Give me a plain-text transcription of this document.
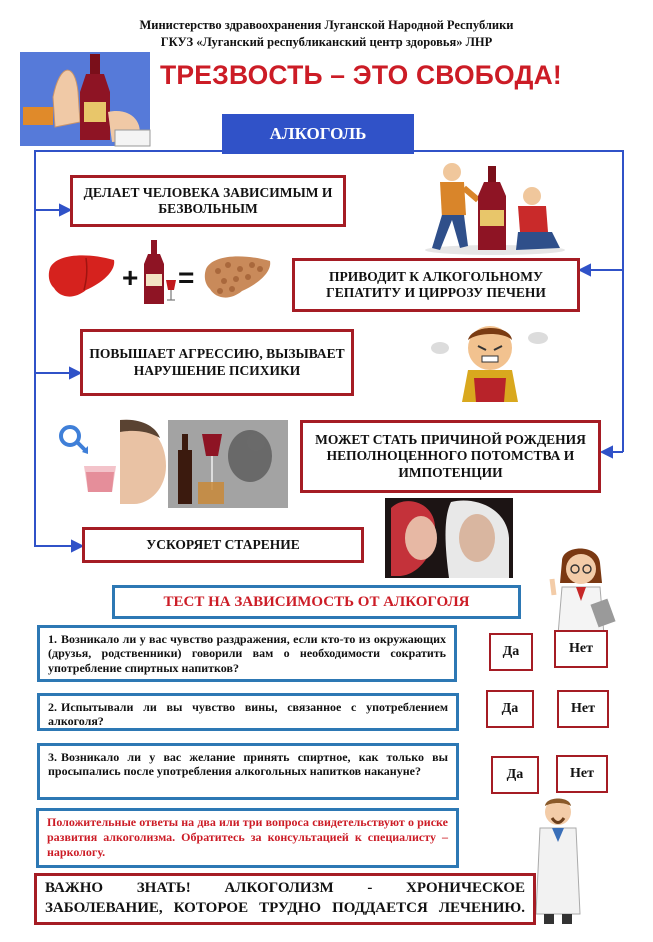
Министерство здравоохранения Луганской Народной Республики
ГКУЗ «Луганский республиканский центр здоровья» ЛНР
ТРЕЗВОСТЬ – ЭТО СВОБОДА!
АЛКОГОЛЬ
ДЕЛАЕТ ЧЕЛОВЕКА ЗАВИСИМЫМ И БЕЗВОЛЬНЫМ
ПРИВОДИТ К АЛКОГОЛЬНОМУ ГЕПАТИТУ И ЦИРРОЗУ ПЕЧЕНИ
ПОВЫШАЕТ АГРЕССИЮ, ВЫЗЫВАЕТ НАРУШЕНИЕ ПСИХИКИ
МОЖЕТ СТАТЬ ПРИЧИНОЙ РОЖДЕНИЯ НЕПОЛНОЦЕННОГО ПОТОМСТВА И ИМПОТЕНЦИИ
УСКОРЯЕТ СТАРЕНИЕ
+ =
ТЕСТ НА ЗАВИСИМОСТЬ ОТ АЛКОГОЛЯ
1. Возникало ли у вас чувство раздражения, если кто-то из окружающих (друзья, родственники) говорили вам о необходимости сократить употребление спиртных напитков?
Да	Нет
2. Испытывали ли вы чувство вины, связанное с употреблением алкоголя?
Да	Нет
3. Возникало ли у вас желание принять спиртное, как только вы просыпались после употребления алкогольных напитков накануне?	Да	Нет
Положительные ответы на два или три вопроса свидетельствуют о риске развития алкоголизма. Обратитесь за консультацией к специалисту – наркологу.
ВАЖНО ЗНАТЬ! АЛКОГОЛИЗМ - ХРОНИЧЕСКОЕ ЗАБОЛЕВАНИЕ, КОТОРОЕ ТРУДНО ПОДДАЕТСЯ ЛЕЧЕНИЮ.
